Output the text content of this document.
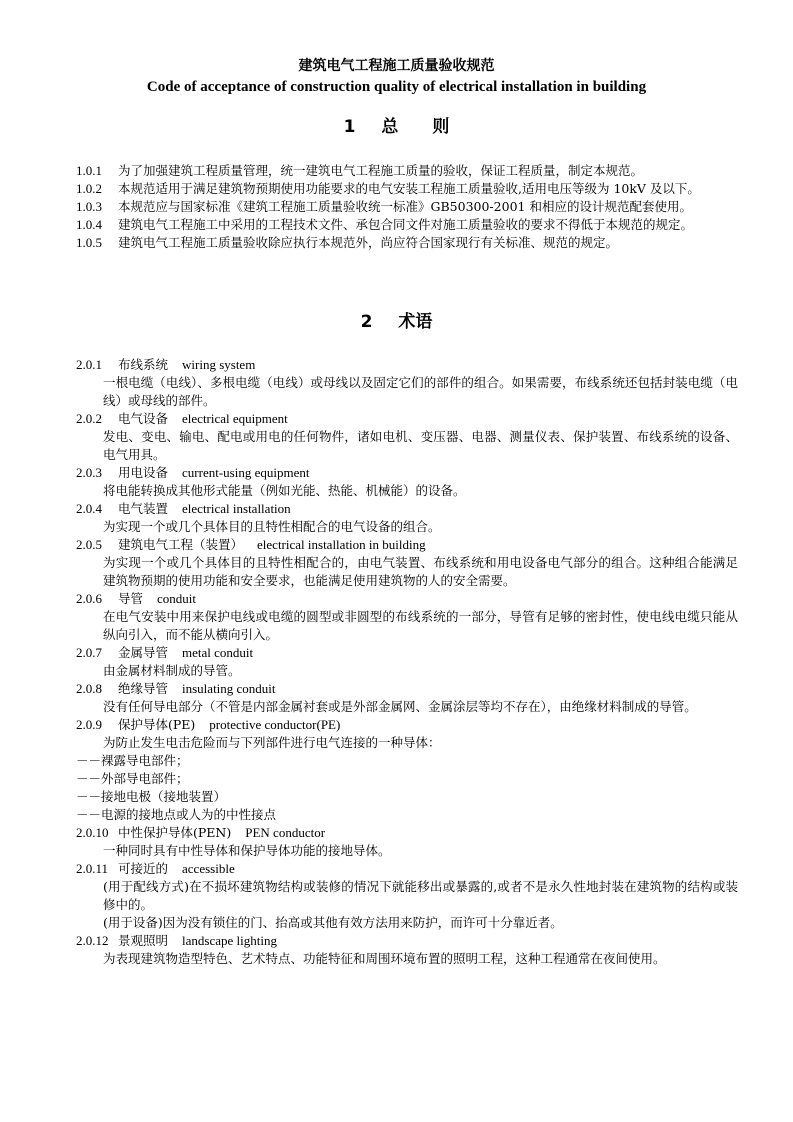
建筑电气工程施工质量验收规范
Code of acceptance of construction quality of electrical installation in building
1 总　　则
1.0.1 为了加强建筑工程质量管理，统一建筑电气工程施工质量的验收，保证工程质量，制定本规范。
1.0.2 本规范适用于满足建筑物预期使用功能要求的电气安装工程施工质量验收,适用电压等级为 10kV 及以下。
1.0.3 本规范应与国家标准《建筑工程施工质量验收统一标准》GB50300-2001 和相应的设计规范配套使用。
1.0.4 建筑电气工程施工中采用的工程技术文件、承包合同文件对施工质量验收的要求不得低于本规范的规定。
1.0.5 建筑电气工程施工质量验收除应执行本规范外，尚应符合国家现行有关标准、规范的规定。
2 术语
2.0.1 布线系统 wiring system
一根电缆（电线）、多根电缆（电线）或母线以及固定它们的部件的组合。如果需要，布线系统还包括封装电缆（电线）或母线的部件。
2.0.2 电气设备 electrical equipment
发电、变电、输电、配电或用电的任何物件，诸如电机、变压器、电器、测量仪表、保护装置、布线系统的设备、电气用具。
2.0.3 用电设备 current-using equipment
将电能转换成其他形式能量（例如光能、热能、机械能）的设备。
2.0.4 电气装置 electrical installation
为实现一个或几个具体目的且特性相配合的电气设备的组合。
2.0.5 建筑电气工程（装置） electrical installation in building
为实现一个或几个具体目的且特性相配合的，由电气装置、布线系统和用电设备电气部分的组合。这种组合能满足建筑物预期的使用功能和安全要求，也能满足使用建筑物的人的安全需要。
2.0.6 导管 conduit
在电气安装中用来保护电线或电缆的圆型或非圆型的布线系统的一部分，导管有足够的密封性，使电线电缆只能从纵向引入，而不能从横向引入。
2.0.7 金属导管 metal conduit
由金属材料制成的导管。
2.0.8 绝缘导管 insulating conduit
没有任何导电部分（不管是内部金属衬套或是外部金属网、金属涂层等均不存在），由绝缘材料制成的导管。
2.0.9 保护导体(PE) protective conductor(PE)
为防止发生电击危险而与下列部件进行电气连接的一种导体：
－－裸露导电部件；
－－外部导电部件；
－－接地电极（接地装置）
－－电源的接地点或人为的中性接点
2.0.10 中性保护导体(PEN) PEN conductor
一种同时具有中性导体和保护导体功能的接地导体。
2.0.11 可接近的 accessible
(用于配线方式)在不损坏建筑物结构或装修的情况下就能移出或暴露的,或者不是永久性地封装在建筑物的结构或装修中的。
(用于设备)因为没有锁住的门、抬高或其他有效方法用来防护，而许可十分靠近者。
2.0.12 景观照明 landscape lighting
为表现建筑物造型特色、艺术特点、功能特征和周围环境布置的照明工程，这种工程通常在夜间使用。
